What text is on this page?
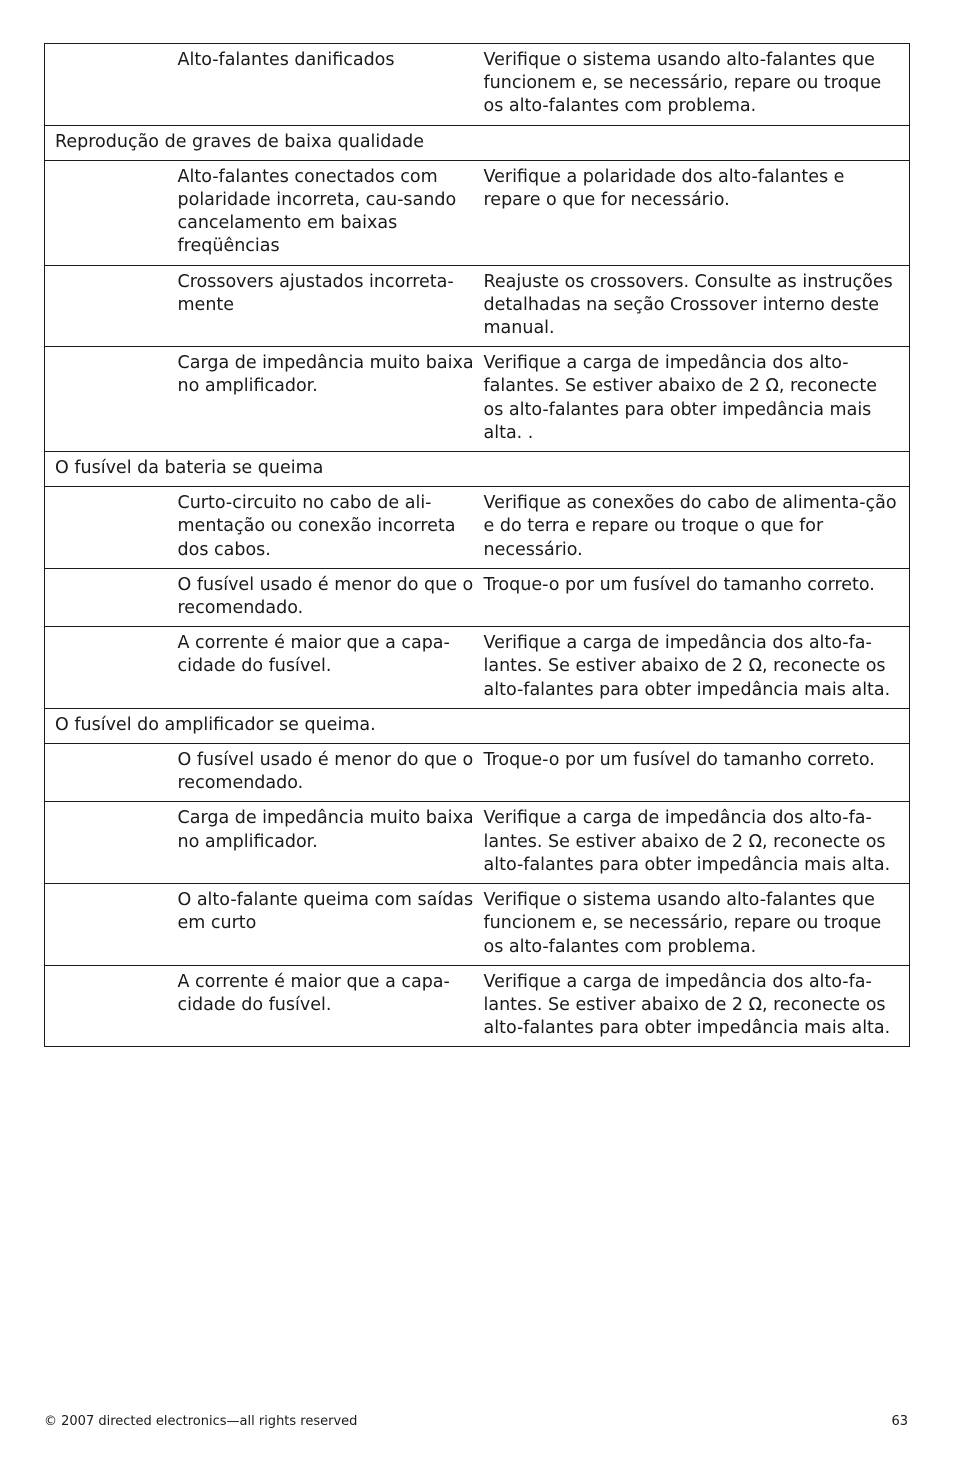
	Alto-falantes danificados	Verifique o sistema usando alto-falantes que funcionem e, se necessário, repare ou troque os alto-falantes com problema.
Reprodução de graves de baixa qualidade		
	Alto-falantes conectados com polaridade incorreta, cau-sando cancelamento em baixas freqüências	Verifique a polaridade dos alto-falantes e repare o que for necessário.
	Crossovers ajustados incorreta-mente	Reajuste os crossovers. Consulte as instruções detalhadas na seção Crossover interno deste manual.
	Carga de impedância muito baixa no amplificador.	Verifique a carga de impedância dos alto-falantes. Se estiver abaixo de 2 Ω, reconecte os alto-falantes para obter impedância mais alta. .
O fusível da bateria se queima		
	Curto-circuito no cabo de ali-mentação ou conexão incorreta dos cabos.	Verifique as conexões do cabo de alimenta-ção e do terra e repare ou troque o que for necessário.
	O fusível usado é menor do que o recomendado.	Troque-o por um fusível do tamanho correto.
	A corrente é maior que a capa-cidade do fusível.	Verifique a carga de impedância dos alto-fa-lantes. Se estiver abaixo de 2 Ω, reconecte os alto-falantes para obter impedância mais alta.
O fusível do amplificador se queima.		
	O fusível usado é menor do que o recomendado.	Troque-o por um fusível do tamanho correto.
	Carga de impedância muito baixa no amplificador.	Verifique a carga de impedância dos alto-fa-lantes. Se estiver abaixo de 2 Ω, reconecte os alto-falantes para obter impedância mais alta.
	O alto-falante queima com saídas em curto	Verifique o sistema usando alto-falantes que funcionem e, se necessário, repare ou troque os alto-falantes com problema.
	A corrente é maior que a capa-cidade do fusível.	Verifique a carga de impedância dos alto-fa-lantes. Se estiver abaixo de 2 Ω, reconecte os alto-falantes para obter impedância mais alta.
© 2007 directed electronics—all rights reserved	63
